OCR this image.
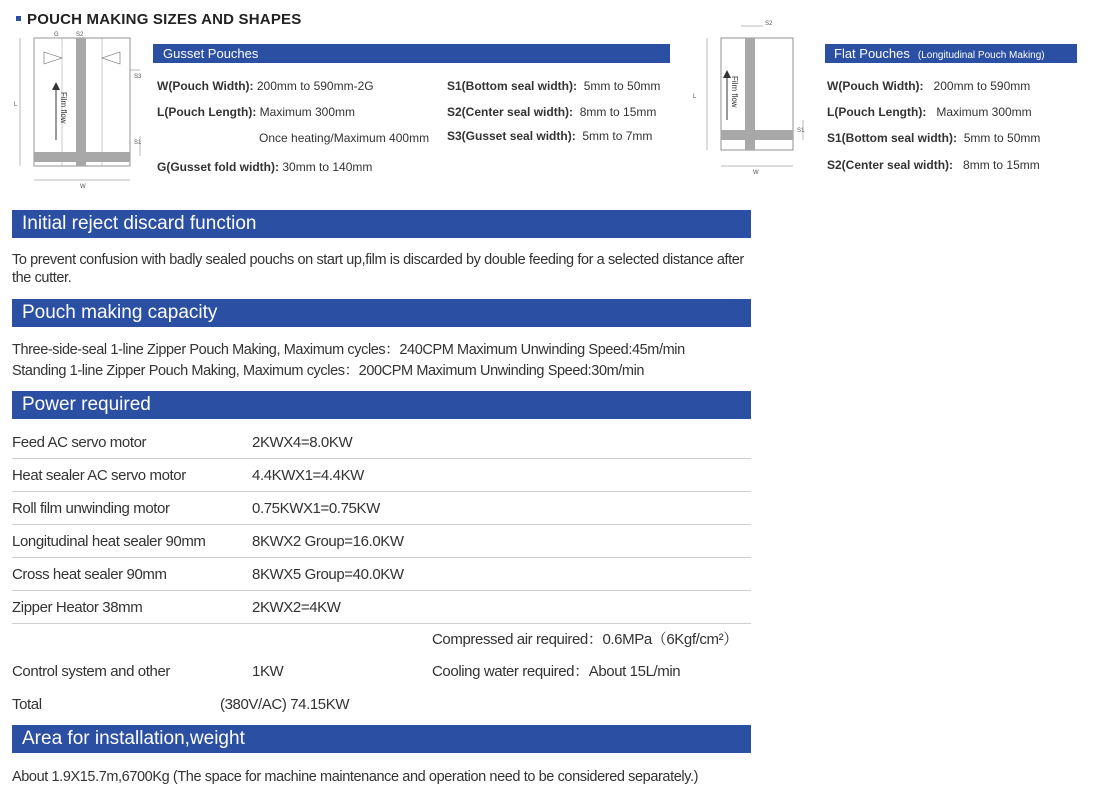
POUCH MAKING SIZES AND SHAPES
G	S2
S3
S1
L
W
Film flow
Gusset Pouches
W(Pouch Width): 200mm to 590mm-2G
L(Pouch Length): Maximum 300mm
Once heating/Maximum 400mm
G(Gusset fold width): 30mm to 140mm
S1(Bottom seal width): 5mm to 50mm
S2(Center seal width): 8mm to 15mm
S3(Gusset seal width): 5mm to 7mm
S2
S1
L
W
Film flow
Flat Pouches (Longitudinal Pouch Making)
W(Pouch Width): 200mm to 590mm
L(Pouch Length): Maximum 300mm
S1(Bottom seal width): 5mm to 50mm
S2(Center seal width): 8mm to 15mm
Initial reject discard function
To prevent confusion with badly sealed pouchs on start up,film is discarded by double feeding for a selected distance after the cutter.
Pouch making capacity
Three-side-seal 1-line Zipper Pouch Making, Maximum cycles：240CPM Maximum Unwinding Speed:45m/min
Standing 1-line Zipper Pouch Making, Maximum cycles：200CPM Maximum Unwinding Speed:30m/min
Power required
Feed AC servo motor	2KWX4=8.0KW
Heat sealer AC servo motor	4.4KWX1=4.4KW
Roll film unwinding motor	0.75KWX1=0.75KW
Longitudinal heat sealer 90mm	8KWX2 Group=16.0KW
Cross heat sealer 90mm	8KWX5 Group=40.0KW
Zipper Heator 38mm	2KWX2=4KW
Compressed air required：0.6MPa（6Kgf/cm²）
Control system and other	1KW	Cooling water required：About 15L/min
Total	(380V/AC) 74.15KW
Area for installation,weight
About 1.9X15.7m,6700Kg (The space for machine maintenance and operation need to be considered separately.)
